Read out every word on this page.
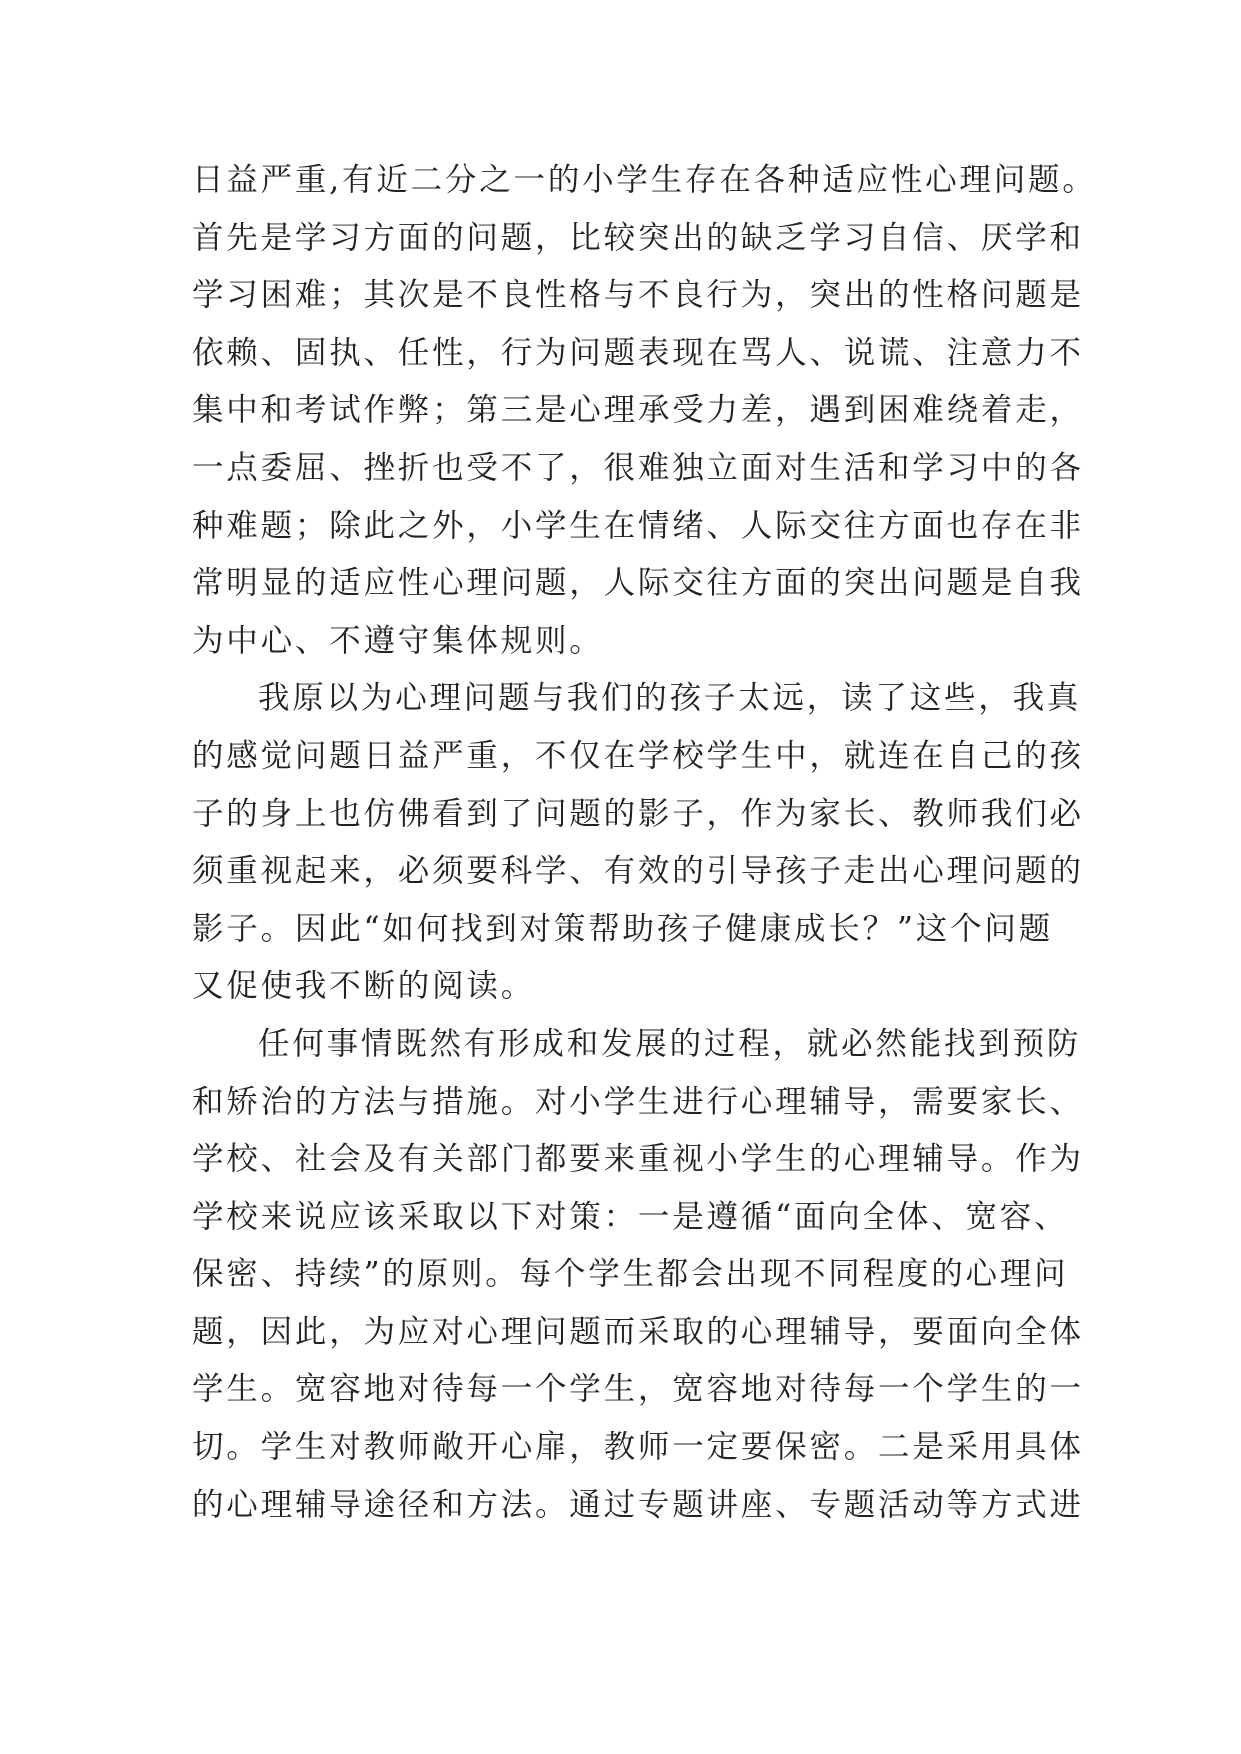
日益严重,有近二分之一的小学生存在各种适应性心理问题。
首先是学习方面的问题，比较突出的缺乏学习自信、厌学和
学习困难；其次是不良性格与不良行为，突出的性格问题是
依赖、固执、任性，行为问题表现在骂人、说谎、注意力不
集中和考试作弊；第三是心理承受力差，遇到困难绕着走，
一点委屈、挫折也受不了，很难独立面对生活和学习中的各
种难题；除此之外，小学生在情绪、人际交往方面也存在非
常明显的适应性心理问题，人际交往方面的突出问题是自我
为中心、不遵守集体规则。
我原以为心理问题与我们的孩子太远，读了这些，我真
的感觉问题日益严重，不仅在学校学生中，就连在自己的孩
子的身上也仿佛看到了问题的影子，作为家长、教师我们必
须重视起来，必须要科学、有效的引导孩子走出心理问题的
影子。因此“如何找到对策帮助孩子健康成长？”这个问题
又促使我不断的阅读。
任何事情既然有形成和发展的过程，就必然能找到预防
和矫治的方法与措施。对小学生进行心理辅导，需要家长、
学校、社会及有关部门都要来重视小学生的心理辅导。作为
学校来说应该采取以下对策：一是遵循“面向全体、宽容、
保密、持续”的原则。每个学生都会出现不同程度的心理问
题，因此，为应对心理问题而采取的心理辅导，要面向全体
学生。宽容地对待每一个学生，宽容地对待每一个学生的一
切。学生对教师敞开心扉，教师一定要保密。二是采用具体
的心理辅导途径和方法。通过专题讲座、专题活动等方式进
